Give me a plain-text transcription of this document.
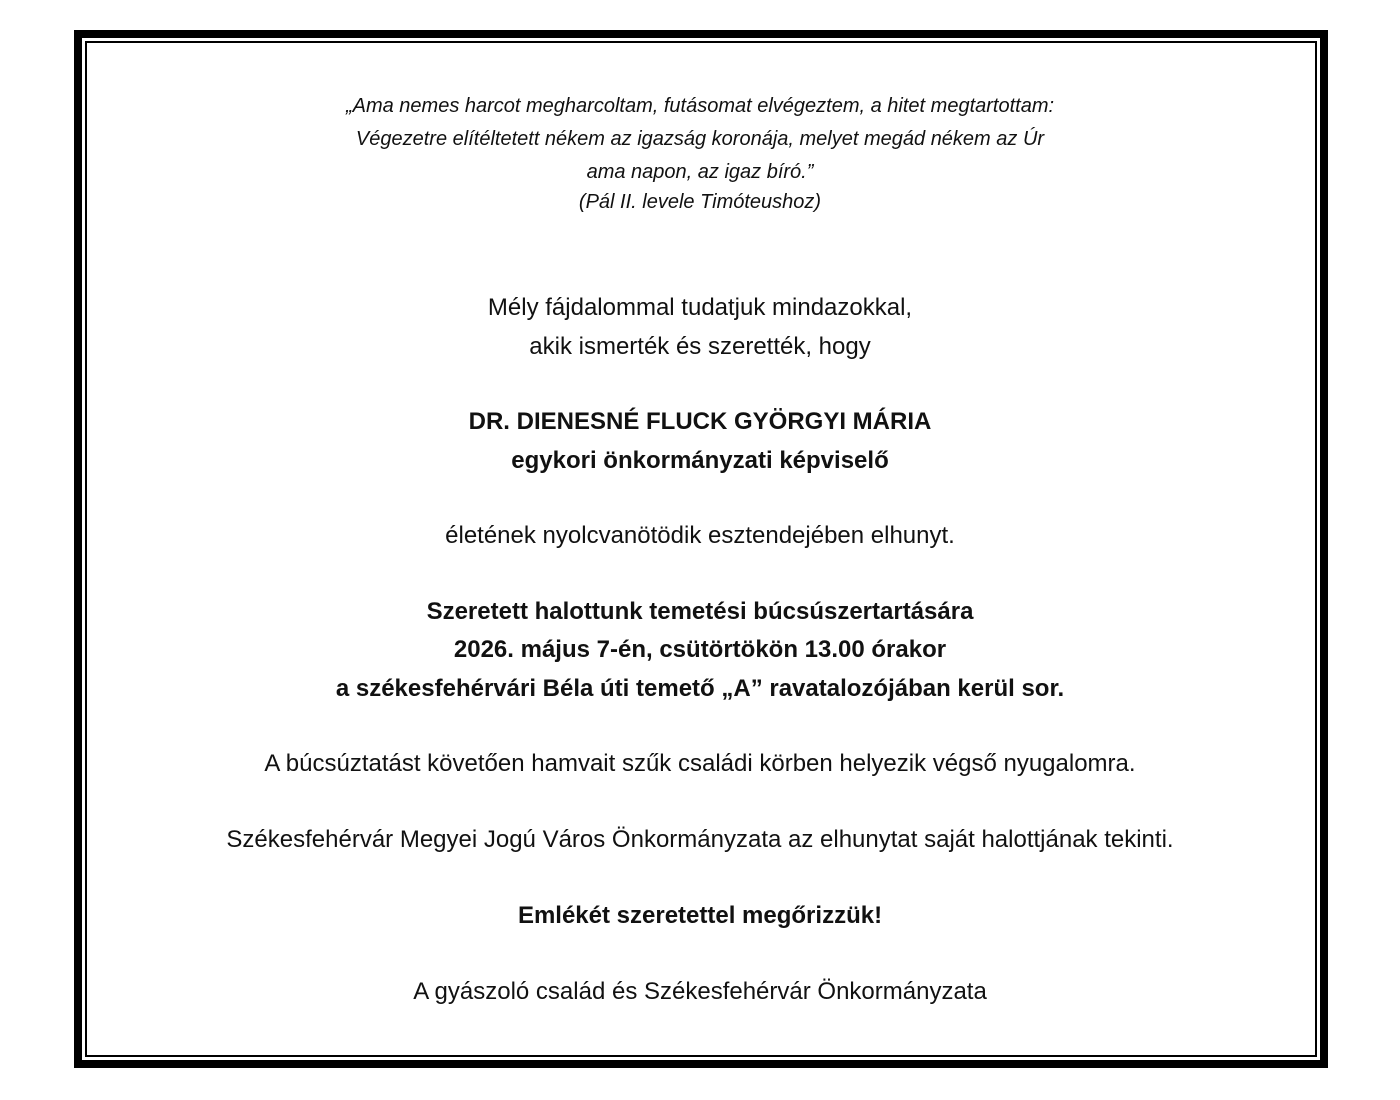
„Ama nemes harcot megharcoltam, futásomat elvégeztem, a hitet megtartottam:
Végezetre elítéltetett nékem az igazság koronája, melyet megád nékem az Úr
ama napon, az igaz bíró.”
(Pál II. levele Timóteushoz)
Mély fájdalommal tudatjuk mindazokkal,
akik ismerték és szerették, hogy
DR. DIENESNÉ FLUCK GYÖRGYI MÁRIA
egykori önkormányzati képviselő
életének nyolcvanötödik esztendejében elhunyt.
Szeretett halottunk temetési búcsúszertartására
2026. május 7-én, csütörtökön 13.00 órakor
a székesfehérvári Béla úti temető „A” ravatalozójában kerül sor.
A búcsúztatást követően hamvait szűk családi körben helyezik végső nyugalomra.
Székesfehérvár Megyei Jogú Város Önkormányzata az elhunytat saját halottjának tekinti.
Emlékét szeretettel megőrizzük!
A gyászoló család és Székesfehérvár Önkormányzata
